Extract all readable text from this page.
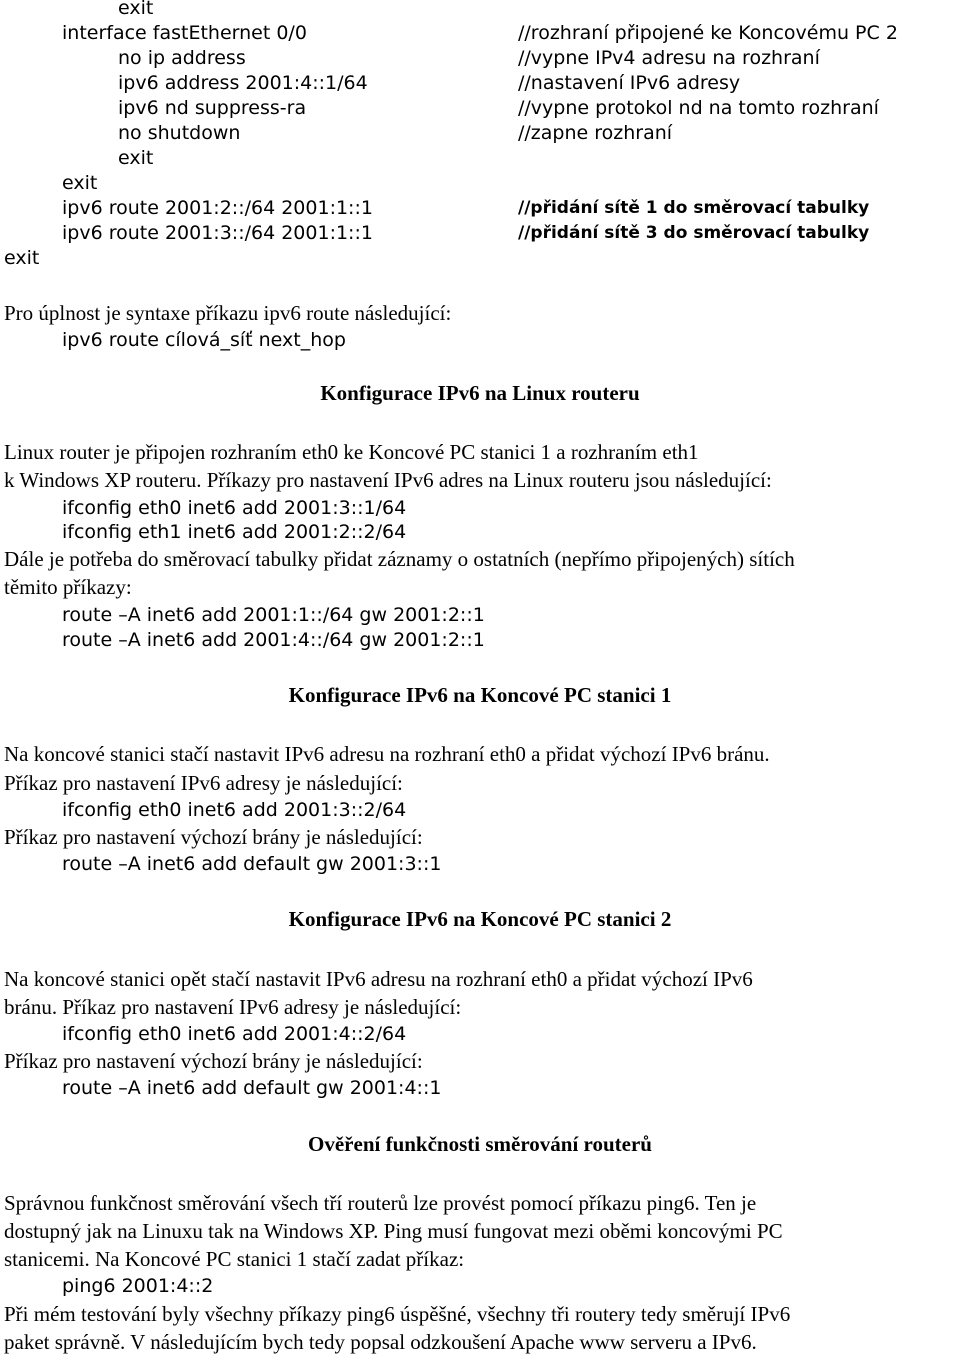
exit
interface fastEthernet 0/0	//rozhraní připojené ke Koncovému PC 2
no ip address	//vypne IPv4 adresu na rozhraní
ipv6 address 2001:4::1/64	//nastavení IPv6 adresy
ipv6 nd suppress-ra	//vypne protokol nd na tomto rozhraní
no shutdown	//zapne rozhraní
exit
exit
ipv6 route 2001:2::/64 2001:1::1	//přidání sítě 1 do směrovací tabulky
ipv6 route 2001:3::/64 2001:1::1	//přidání sítě 3 do směrovací tabulky
exit
Pro úplnost je syntaxe příkazu ipv6 route následující:
ipv6 route cílová_síť next_hop
Konfigurace IPv6 na Linux routeru
Linux router je připojen rozhraním eth0 ke Koncové PC stanici 1 a rozhraním eth1
k Windows XP routeru. Příkazy pro nastavení IPv6 adres na Linux routeru jsou následující:
ifconfig eth0 inet6 add 2001:3::1/64
ifconfig eth1 inet6 add 2001:2::2/64
Dále je potřeba do směrovací tabulky přidat záznamy o ostatních (nepřímo připojených) sítích
těmito příkazy:
route –A inet6 add 2001:1::/64 gw 2001:2::1
route –A inet6 add 2001:4::/64 gw 2001:2::1
Konfigurace IPv6 na Koncové PC stanici 1
Na koncové stanici stačí nastavit IPv6 adresu na rozhraní eth0 a přidat výchozí IPv6 bránu.
Příkaz pro nastavení IPv6 adresy je následující:
ifconfig eth0 inet6 add 2001:3::2/64
Příkaz pro nastavení výchozí brány je následující:
route –A inet6 add default gw 2001:3::1
Konfigurace IPv6 na Koncové PC stanici 2
Na koncové stanici opět stačí nastavit IPv6 adresu na rozhraní eth0 a přidat výchozí IPv6
bránu. Příkaz pro nastavení IPv6 adresy je následující:
ifconfig eth0 inet6 add 2001:4::2/64
Příkaz pro nastavení výchozí brány je následující:
route –A inet6 add default gw 2001:4::1
Ověření funkčnosti směrování routerů
Správnou funkčnost směrování všech tří routerů lze provést pomocí příkazu ping6. Ten je
dostupný jak na Linuxu tak na Windows XP. Ping musí fungovat mezi oběmi koncovými PC
stanicemi. Na Koncové PC stanici 1 stačí zadat příkaz:
ping6 2001:4::2
Při mém testování byly všechny příkazy ping6 úspěšné, všechny tři routery tedy směrují IPv6
paket správně. V následujícím bych tedy popsal odzkoušení Apache www serveru a IPv6.
